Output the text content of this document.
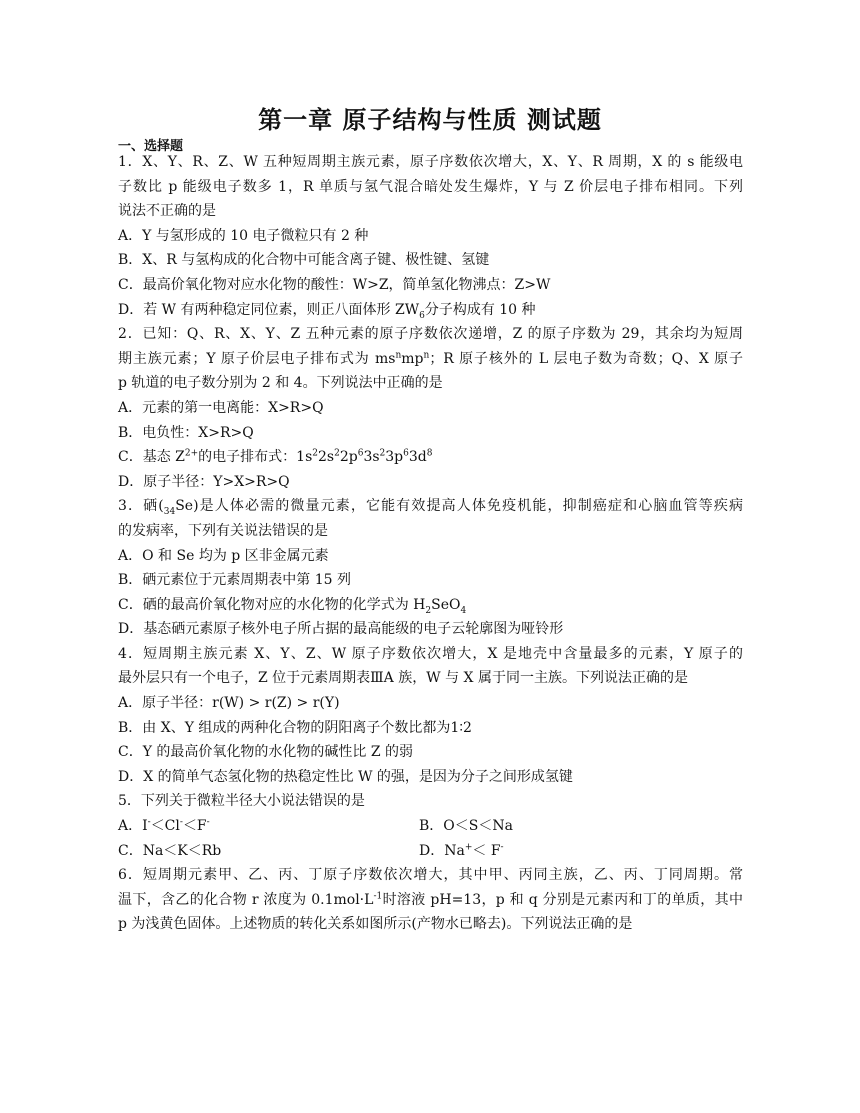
第一章 原子结构与性质 测试题
一、选择题
1．X、Y、R、Z、W 五种短周期主族元素，原子序数依次增大，X、Y、R 周期，X 的 s 能级电
子数比 p 能级电子数多 1，R 单质与氢气混合暗处发生爆炸，Y 与 Z 价层电子排布相同。下列
说法不正确的是
A．Y 与氢形成的 10 电子微粒只有 2 种
B．X、R 与氢构成的化合物中可能含离子键、极性键、氢键
C．最高价氧化物对应水化物的酸性：W>Z，简单氢化物沸点：Z>W
D．若 W 有两种稳定同位素，则正八面体形 $ZW_6$分子构成有 10 种
2．已知：Q、R、X、Y、Z 五种元素的原子序数依次递增，Z 的原子序数为 29，其余均为短周
期主族元素；Y 原子价层电子排布式为 $ms^nmp^n$；R 原子核外的 L 层电子数为奇数；Q、X 原子
p 轨道的电子数分别为 2 和 4。下列说法中正确的是
A．元素的第一电离能：X>R>Q
B．电负性：X>R>Q
C．基态 $Z^{2+}$的电子排布式：$1s^22s^22p^63s^23p^63d^8$
D．原子半径：Y>X>R>Q
3．硒$(_{34}Se)$是人体必需的微量元素，它能有效提高人体免疫机能，抑制癌症和心脑血管等疾病
的发病率，下列有关说法错误的是
A．O 和 Se 均为 p 区非金属元素
B．硒元素位于元素周期表中第 15 列
C．硒的最高价氧化物对应的水化物的化学式为 $H_2SeO_4$
D．基态硒元素原子核外电子所占据的最高能级的电子云轮廓图为哑铃形
4．短周期主族元素 X、Y、Z、W 原子序数依次增大，X 是地壳中含量最多的元素，Y 原子的
最外层只有一个电子，Z 位于元素周期表ⅢA 族，W 与 X 属于同一主族。下列说法正确的是
A．原子半径：r(W) > r(Z) > r(Y)
B．由 X、Y 组成的两种化合物的阴阳离子个数比都为1∶2
C．Y 的最高价氧化物的水化物的碱性比 Z 的弱
D．X 的简单气态氢化物的热稳定性比 W 的强，是因为分子之间形成氢键
5．下列关于微粒半径大小说法错误的是
A．I-＜Cl-＜F-	B．O＜S＜Na
C．Na＜K＜Rb	D．Na+＜ F-
6．短周期元素甲、乙、丙、丁原子序数依次增大，其中甲、丙同主族，乙、丙、丁同周期。常
温下，含乙的化合物 r 浓度为 $0.1mol\cdot L^{-1}$时溶液 pH=13，p 和 q 分别是元素丙和丁的单质，其中
p 为浅黄色固体。上述物质的转化关系如图所示(产物水已略去)。下列说法正确的是
